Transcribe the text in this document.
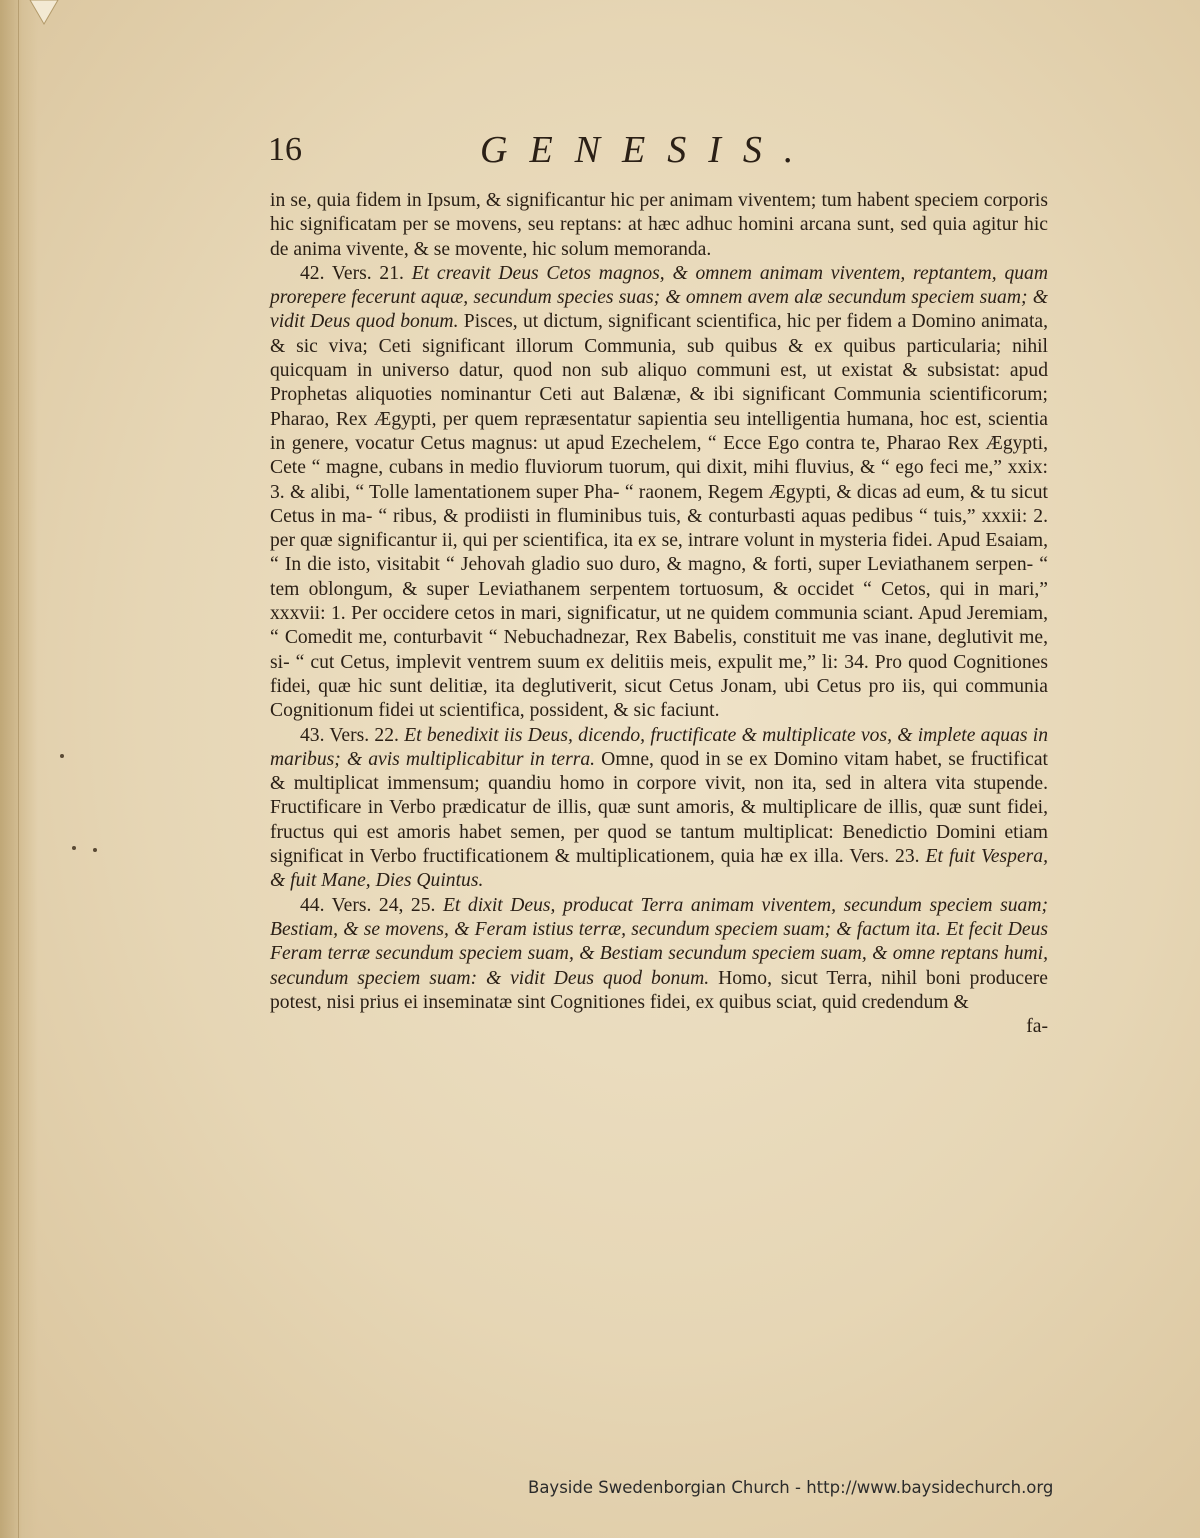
16	GENESIS.

in se, quia fidem in Ipsum, & significantur hic per animam viventem; tum habent speciem corporis hic significatam per se movens, seu reptans: at hæc adhuc homini arcana sunt, sed quia agitur hic de anima vivente, & se movente, hic solum memoranda.

42. Vers. 21. Et creavit Deus Cetos magnos, & omnem animam viventem, reptantem, quam prorepere fecerunt aquæ, secundum species suas; & omnem avem alæ secundum speciem suam; & vidit Deus quod bonum. Pisces, ut dictum, significant scientifica, hic per fidem a Domino animata, & sic viva; Ceti significant illorum Communia, sub quibus & ex quibus particularia; nihil quicquam in universo datur, quod non sub aliquo communi est, ut existat & subsistat: apud Prophetas aliquoties nominantur Ceti aut Balænæ, & ibi significant Communia scientificorum; Pharao, Rex Ægypti, per quem repræsentatur sapientia seu intelligentia humana, hoc est, scientia in genere, vocatur Cetus magnus: ut apud Ezechelem, “ Ecce Ego contra te, Pharao Rex Ægypti, Cete “ magne, cubans in medio fluviorum tuorum, qui dixit, mihi fluvius, & “ ego feci me,” xxix: 3. & alibi, “ Tolle lamentationem super Pha- “ raonem, Regem Ægypti, & dicas ad eum, & tu sicut Cetus in ma- “ ribus, & prodiisti in fluminibus tuis, & conturbasti aquas pedibus “ tuis,” xxxii: 2. per quæ significantur ii, qui per scientifica, ita ex se, intrare volunt in mysteria fidei. Apud Esaiam, “ In die isto, visitabit “ Jehovah gladio suo duro, & magno, & forti, super Leviathanem serpen- “ tem oblongum, & super Leviathanem serpentem tortuosum, & occidet “ Cetos, qui in mari,” xxxvii: 1. Per occidere cetos in mari, significatur, ut ne quidem communia sciant. Apud Jeremiam, “ Comedit me, conturbavit “ Nebuchadnezar, Rex Babelis, constituit me vas inane, deglutivit me, si- “ cut Cetus, implevit ventrem suum ex delitiis meis, expulit me,” li: 34. Pro quod Cognitiones fidei, quæ hic sunt delitiæ, ita deglutiverit, sicut Cetus Jonam, ubi Cetus pro iis, qui communia Cognitionum fidei ut scientifica, possident, & sic faciunt.

43. Vers. 22. Et benedixit iis Deus, dicendo, fructificate & multiplicate vos, & implete aquas in maribus; & avis multiplicabitur in terra. Omne, quod in se ex Domino vitam habet, se fructificat & multiplicat immensum; quandiu homo in corpore vivit, non ita, sed in altera vita stupende. Fructificare in Verbo prædicatur de illis, quæ sunt amoris, & multiplicare de illis, quæ sunt fidei, fructus qui est amoris habet semen, per quod se tantum multiplicat: Benedictio Domini etiam significat in Verbo fructificationem & multiplicationem, quia hæ ex illa. Vers. 23. Et fuit Vespera, & fuit Mane, Dies Quintus.

44. Vers. 24, 25. Et dixit Deus, producat Terra animam viventem, secundum speciem suam; Bestiam, & se movens, & Feram istius terræ, secundum speciem suam; & factum ita. Et fecit Deus Feram terræ secundum speciem suam, & Bestiam secundum speciem suam, & omne reptans humi, secundum speciem suam: & vidit Deus quod bonum. Homo, sicut Terra, nihil boni producere potest, nisi prius ei inseminatæ sint Cognitiones fidei, ex quibus sciat, quid credendum &

fa-

Bayside Swedenborgian Church - http://www.baysidechurch.org
